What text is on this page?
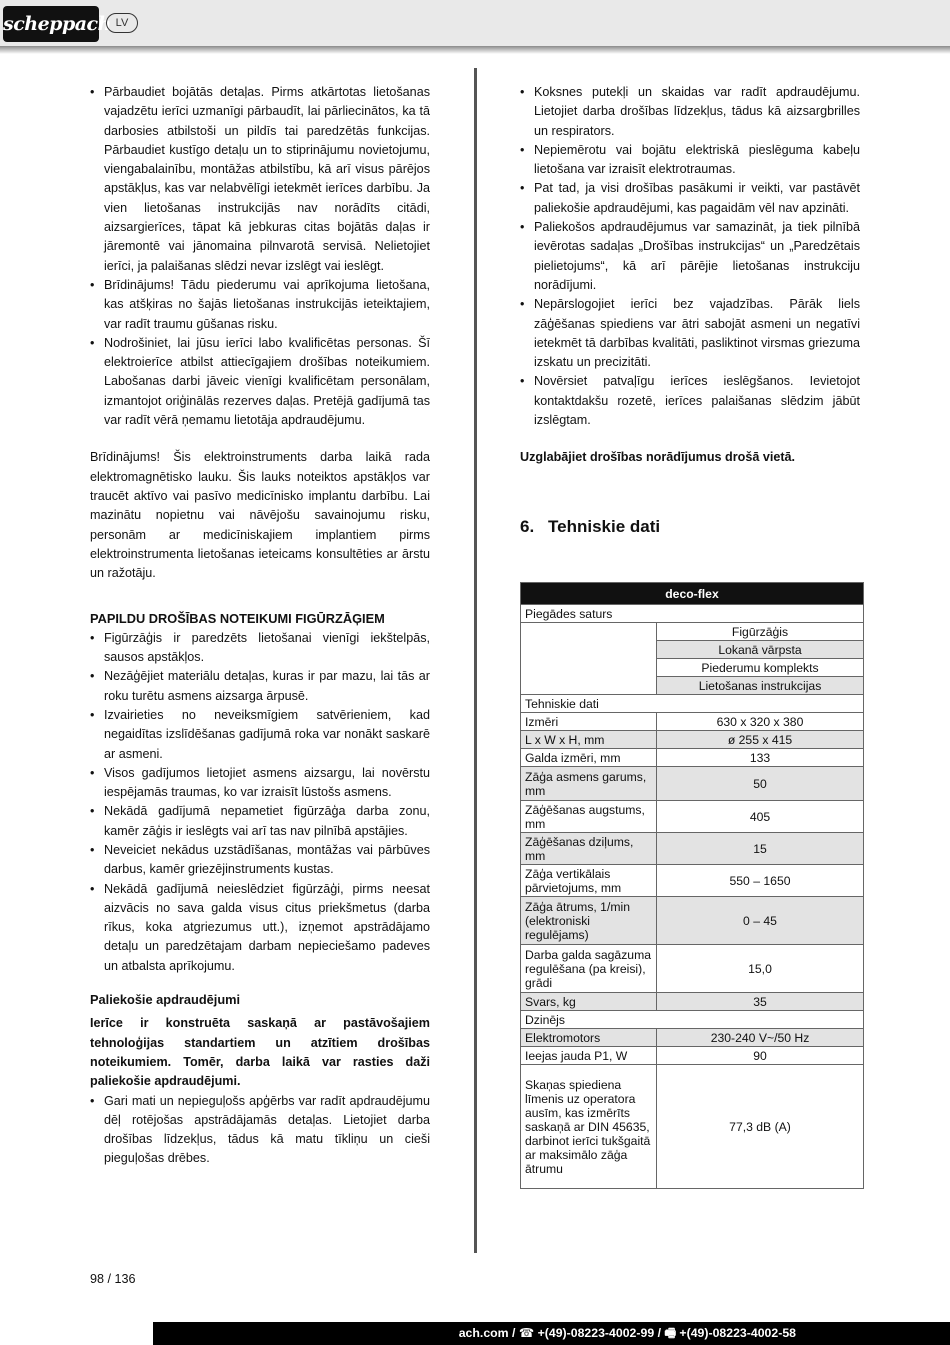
scheppach LV
• Pārbaudiet bojātās detaļas. Pirms atkārtotas lietošanas vajadzētu ierīci uzmanīgi pārbaudīt, lai pārliecinātos, ka tā darbosies atbilstoši un pildīs tai paredzētās funkcijas. Pārbaudiet kustīgo detaļu un to stiprinājumu novietojumu, viengabalainību, montāžas atbilstību, kā arī visus pārējos apstākļus, kas var nelabvēlīgi ietekmēt ierīces darbību. Ja vien lietošanas instrukcijās nav norādīts citādi, aizsargierīces, tāpat kā jebkuras citas bojātās daļas ir jāremontē vai jānomaina pilnvarotā servisā. Nelietojiet ierīci, ja palaišanas slēdzi nevar izslēgt vai ieslēgt.
• Brīdinājums! Tādu piederumu vai aprīkojuma lietošana, kas atšķiras no šajās lietošanas instrukcijās ieteiktajiem, var radīt traumu gūšanas risku.
• Nodrošiniet, lai jūsu ierīci labo kvalificētas personas. Šī elektroierīce atbilst attiecīgajiem drošības noteikumiem. Labošanas darbi jāveic vienīgi kvalificētam personālam, izmantojot oriģinālās rezerves daļas. Pretējā gadījumā tas var radīt vērā ņemamu lietotāja apdraudējumu.

Brīdinājums! Šis elektroinstruments darba laikā rada elektromagnētisko lauku. Šis lauks noteiktos apstākļos var traucēt aktīvo vai pasīvo medicīnisko implantu darbību. Lai mazinātu nopietnu vai nāvējošu savainojumu risku, personām ar medicīniskajiem implantiem pirms elektroinstrumenta lietošanas ieteicams konsultēties ar ārstu un ražotāju.

PAPILDU DROŠĪBAS NOTEIKUMI FIGŪRZĀĢIEM
• Figūrzāģis ir paredzēts lietošanai vienīgi iekštelpās, sausos apstākļos.
• Nezāģējiet materiālu detaļas, kuras ir par mazu, lai tās ar roku turētu asmens aizsarga ārpusē.
• Izvairieties no neveiksmīgiem satvērieniem, kad negaidītas izslīdēšanas gadījumā roka var nonākt saskarē ar asmeni.
• Visos gadījumos lietojiet asmens aizsargu, lai novērstu iespējamās traumas, ko var izraisīt lūstošs asmens.
• Nekādā gadījumā nepametiet figūrzāģa darba zonu, kamēr zāģis ir ieslēgts vai arī tas nav pilnībā apstājies.
• Neveiciet nekādus uzstādīšanas, montāžas vai pārbūves darbus, kamēr griezējinstruments kustas.
• Nekādā gadījumā neieslēdziet figūrzāģi, pirms neesat aizvācis no sava galda visus citus priekšmetus (darba rīkus, koka atgriezumus utt.), izņemot apstrādājamo detaļu un paredzētajam darbam nepieciešamo padeves un atbalsta aprīkojumu.
Paliekošie apdraudējumi

Ierīce ir konstruēta saskaņā ar pastāvošajiem tehnoloģijas standartiem un atzītiem drošības noteikumiem. Tomēr, darba laikā var rasties daži paliekošie apdraudējumi.

• Gari mati un nepieguļošs apģērbs var radīt apdraudējumu dēļ rotējošas apstrādājamās detaļas. Lietojiet darba drošības līdzekļus, tādus kā matu tīkliņu un cieši pieguļošas drēbes.
• Koksnes putekļi un skaidas var radīt apdraudējumu. Lietojiet darba drošības līdzekļus, tādus kā aizsargbrilles un respirators.
• Nepiemērotu vai bojātu elektriskā pieslēguma kabeļu lietošana var izraisīt elektrotraumas.
• Pat tad, ja visi drošības pasākumi ir veikti, var pastāvēt paliekošie apdraudējumi, kas pagaidām vēl nav apzināti.
• Paliekošos apdraudējumus var samazināt, ja tiek pilnībā ievērotas sadaļas „Drošības instrukcijas“ un „Paredzētais pielietojums“, kā arī pārējie lietošanas instrukciju norādījumi.
• Nepārslogojiet ierīci bez vajadzības. Pārāk liels zāģēšanas spiediens var ātri sabojāt asmeni un negatīvi ietekmēt tā darbības kvalitāti, pasliktinot virsmas griezuma izskatu un precizitāti.
• Novērsiet patvaļīgu ierīces ieslēgšanos. Ievietojot kontaktdakšu rozetē, ierīces palaišanas slēdzim jābūt izslēgtam.

Uzglabājiet drošības norādījumus drošā vietā.

6. Tehniskie dati
deco-flex	
Piegādes saturs	
	Figūrzāģis
	Lokanā vārpsta
	Piederumu komplekts
	Lietošanas instrukcijas
Tehniskie dati	
Izmēri	630 x 320 x 380
L x W x H, mm	ø 255 x 415
Galda izmēri, mm	133
Zāģa asmens garums, mm	50
Zāģēšanas augstums, mm	405
Zāģēšanas dziļums, mm	15
Zāģa vertikālais pārvietojums, mm	550 – 1650
Zāģa ātrums, 1/min (elektroniski regulējams)	0 – 45
Darba galda sagāzuma regulēšana (pa kreisi), grādi	15,0
Svars, kg	35
Dzinējs	
Elektromotors	230-240 V~/50 Hz
Ieejas jauda P1, W	90
Skaņas spiediena līmenis uz operatora ausīm, kas izmērīts saskaņā ar DIN 45635, darbinot ierīci tukšgaitā ar maksimālo zāģa ātrumu	77,3 dB (A)
98 / 136
ach.com / ☎ +(49)-08223-4002-99 / 🖷 +(49)-08223-4002-58
